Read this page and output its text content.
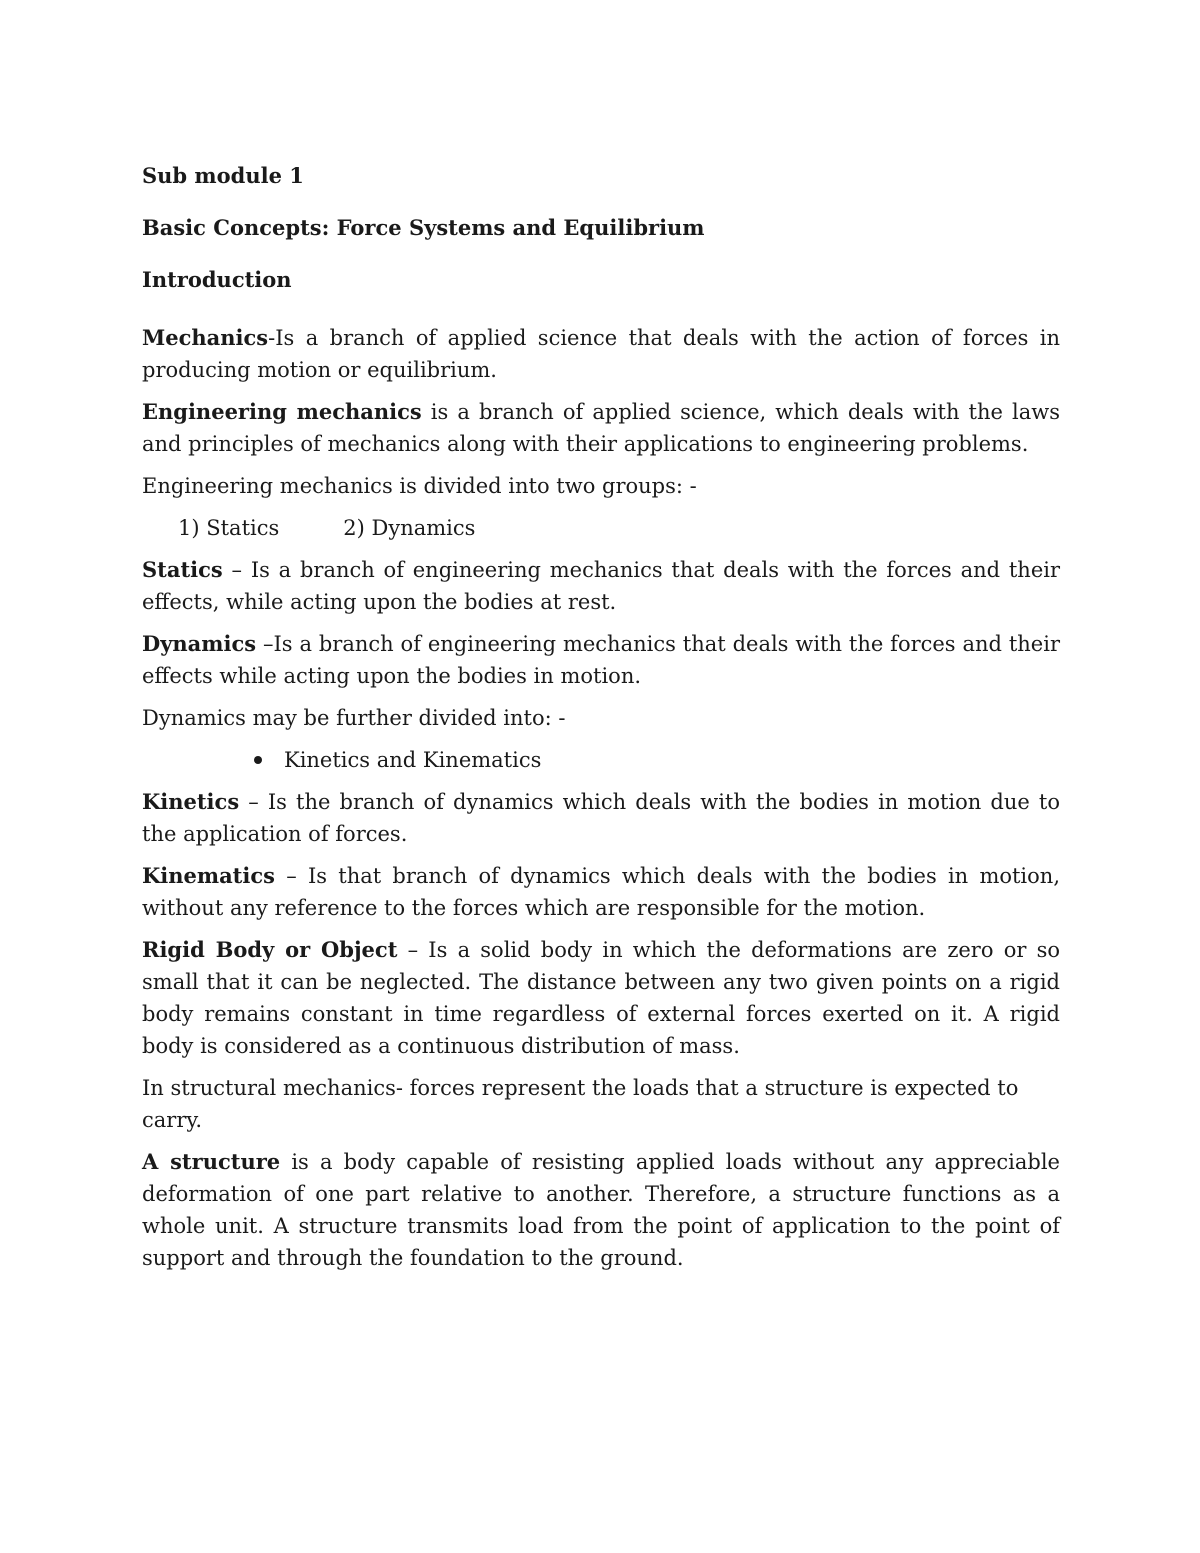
Sub module 1
Basic Concepts: Force Systems and Equilibrium
Introduction

Mechanics-Is a branch of applied science that deals with the action of forces in producing motion or equilibrium.

Engineering mechanics is a branch of applied science, which deals with the laws and principles of mechanics along with their applications to engineering problems.

Engineering mechanics is divided into two groups: -

1) Statics	2) Dynamics

Statics – Is a branch of engineering mechanics that deals with the forces and their effects, while acting upon the bodies at rest.

Dynamics –Is a branch of engineering mechanics that deals with the forces and their effects while acting upon the bodies in motion.

Dynamics may be further divided into: -

Kinetics and Kinematics

Kinetics – Is the branch of dynamics which deals with the bodies in motion due to the application of forces.

Kinematics – Is that branch of dynamics which deals with the bodies in motion, without any reference to the forces which are responsible for the motion.

Rigid Body or Object – Is a solid body in which the deformations are zero or so small that it can be neglected. The distance between any two given points on a rigid body remains constant in time regardless of external forces exerted on it. A rigid body is considered as a continuous distribution of mass.

In structural mechanics- forces represent the loads that a structure is expected to carry.

A structure is a body capable of resisting applied loads without any appreciable deformation of one part relative to another. Therefore, a structure functions as a whole unit. A structure transmits load from the point of application to the point of support and through the foundation to the ground.
